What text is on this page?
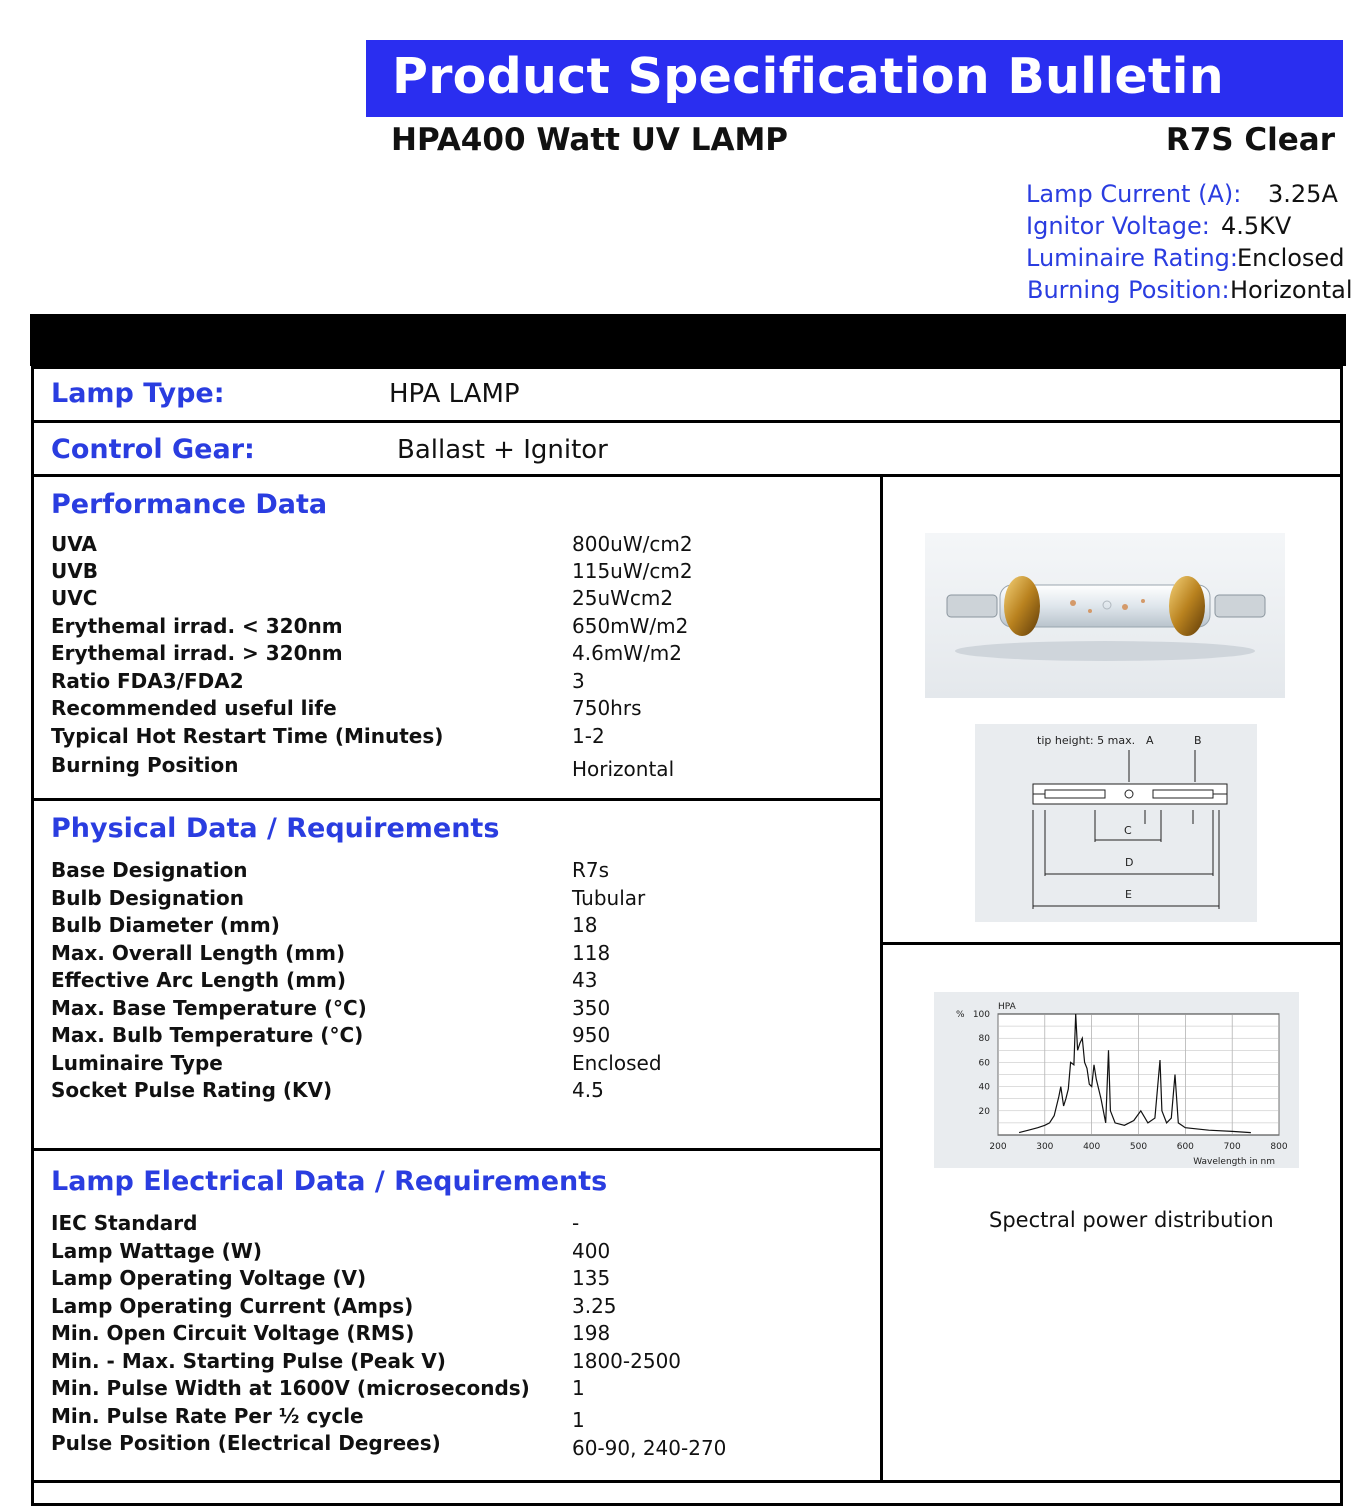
Product Specification Bulletin
HPA400 Watt UV LAMP	R7S Clear
Lamp Current (A): 3.25A
Ignitor Voltage: 4.5KV
Luminaire Rating: Enclosed
Burning Position: Horizontal
Lamp Type:	HPA LAMP
Control Gear:	Ballast + Ignitor
Performance Data
UVA	800uW/cm2
UVB	115uW/cm2
UVC	25uWcm2
Erythemal irrad. < 320nm	650mW/m2
Erythemal irrad. > 320nm	4.6mW/m2
Ratio FDA3/FDA2	3
Recommended useful life	750hrs
Typical Hot Restart Time (Minutes)	1-2
Burning Position	Horizontal
Physical Data / Requirements
Base Designation	R7s
Bulb Designation	Tubular
Bulb Diameter (mm)	18
Max. Overall Length (mm)	118
Effective Arc Length (mm)	43
Max. Base Temperature (°C)	350
Max. Bulb Temperature (°C)	950
Luminaire Type	Enclosed
Socket Pulse Rating (KV)	4.5
Lamp Electrical Data / Requirements
IEC Standard	-
Lamp Wattage (W)	400
Lamp Operating Voltage (V)	135
Lamp Operating Current (Amps)	3.25
Min. Open Circuit Voltage (RMS)	198
Min. - Max. Starting Pulse (Peak V)	1800-2500
Min. Pulse Width at 1600V (microseconds) 1
Min. Pulse Rate Per ½ cycle	1
Pulse Position (Electrical Degrees)	60-90, 240-270
tip height: 5 max. A	B
C
D
E
200	300	400	500	600	700	800
20
40
60
80
100
%
HPA
Wavelength in nm
Spectral power distribution
